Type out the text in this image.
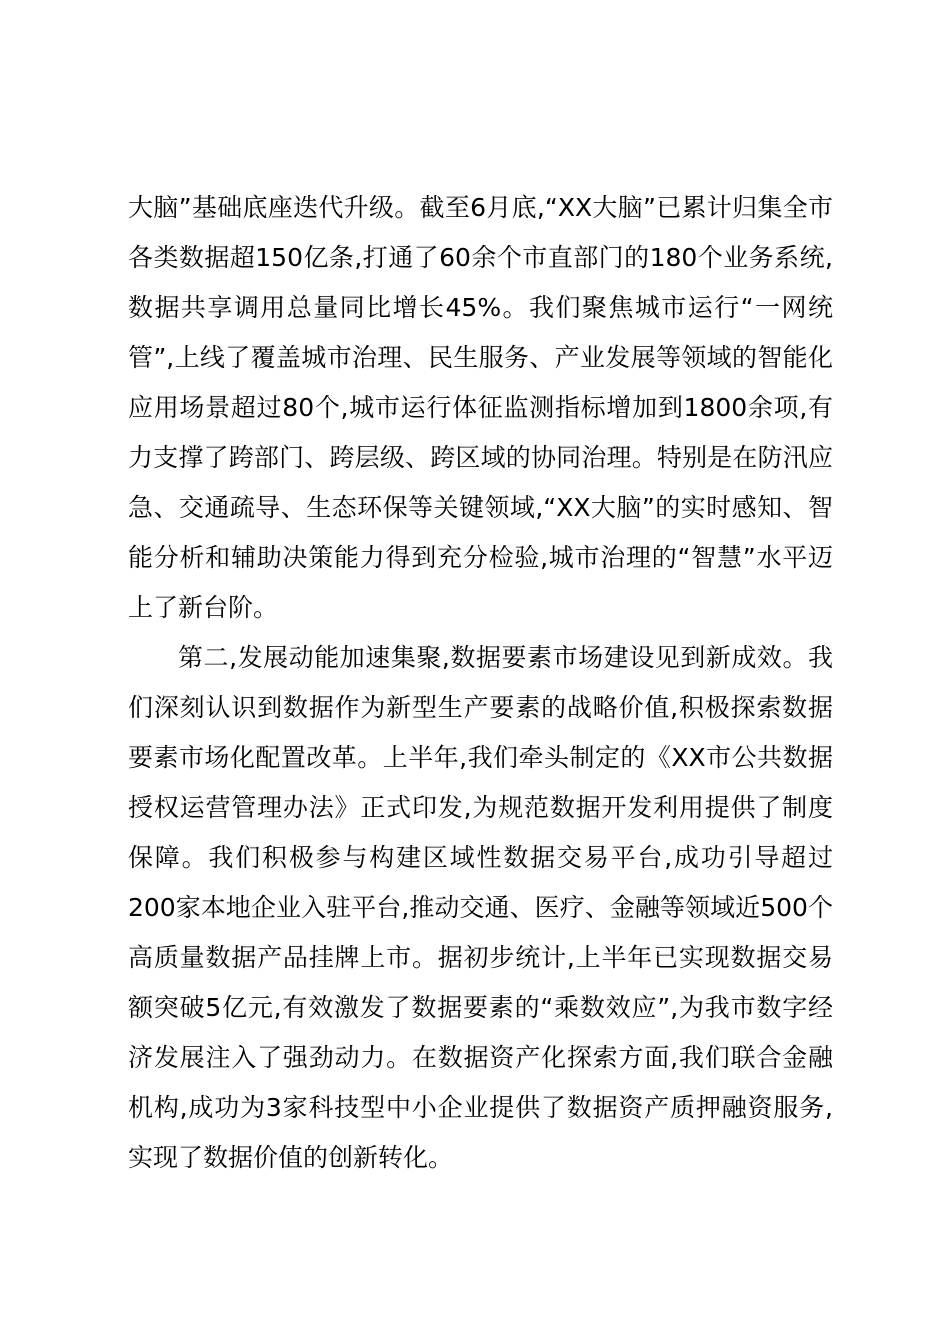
大脑”基础底座迭代升级。截至6月底,“XX大脑”已累计归集全市各类数据超150亿条,打通了60余个市直部门的180个业务系统,数据共享调用总量同比增长45%。我们聚焦城市运行“一网统管”,上线了覆盖城市治理、民生服务、产业发展等领域的智能化应用场景超过80个,城市运行体征监测指标增加到1800余项,有力支撑了跨部门、跨层级、跨区域的协同治理。特别是在防汛应急、交通疏导、生态环保等关键领域,“XX大脑”的实时感知、智能分析和辅助决策能力得到充分检验,城市治理的“智慧”水平迈上了新台阶。

第二,发展动能加速集聚,数据要素市场建设见到新成效。我们深刻认识到数据作为新型生产要素的战略价值,积极探索数据要素市场化配置改革。上半年,我们牵头制定的《XX市公共数据授权运营管理办法》正式印发,为规范数据开发利用提供了制度保障。我们积极参与构建区域性数据交易平台,成功引导超过200家本地企业入驻平台,推动交通、医疗、金融等领域近500个高质量数据产品挂牌上市。据初步统计,上半年已实现数据交易额突破5亿元,有效激发了数据要素的“乘数效应”,为我市数字经济发展注入了强劲动力。在数据资产化探索方面,我们联合金融机构,成功为3家科技型中小企业提供了数据资产质押融资服务,实现了数据价值的创新转化。
